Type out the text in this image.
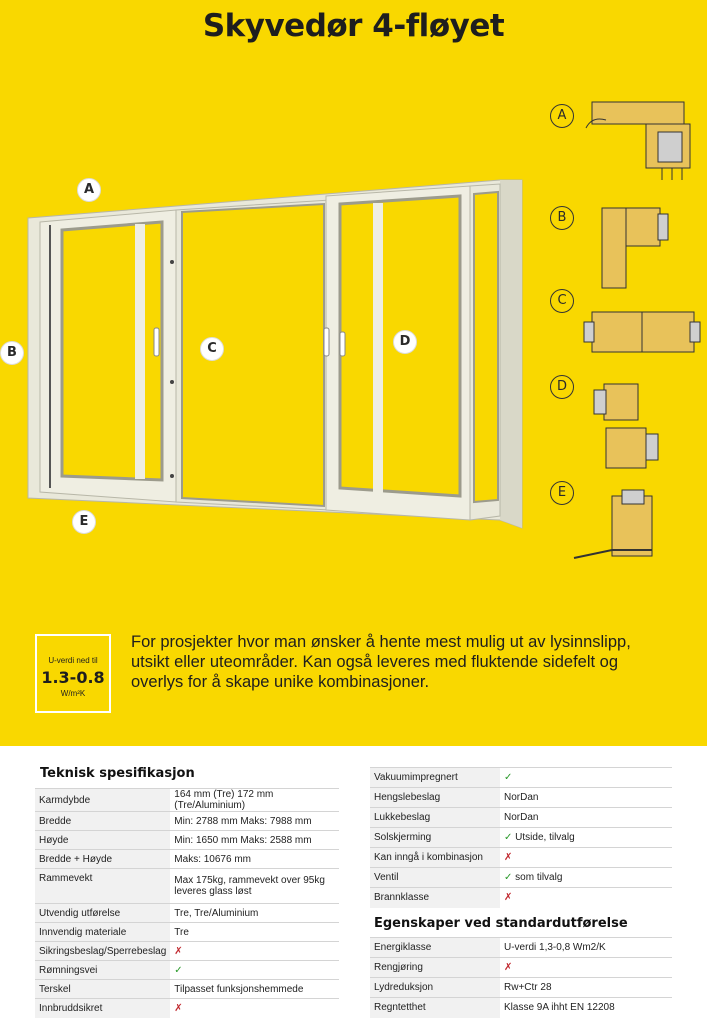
Skyvedør 4-fløyet
A
B	C	D
E
A
B
C
D
E
U-verdi ned til
1.3-0.8
W/m²K
For prosjekter hvor man ønsker å hente mest mulig ut av lysinnslipp, utsikt eller uteområder. Kan også leveres med fluktende sidefelt og overlys for å skape unike kombinasjoner.
Teknisk spesifikasjon
Karmdybde	164 mm (Tre) 172 mm (Tre/Aluminium)
Bredde	Min: 2788 mm Maks: 7988 mm
Høyde	Min: 1650 mm Maks: 2588 mm
Bredde + Høyde	Maks: 10676 mm
Rammevekt	Max 175kg, rammevekt over 95kg leveres glass løst
Utvendig utførelse	Tre, Tre/Aluminium
Innvendig materiale	Tre
Sikringsbeslag/Sperrebeslag	✗
Rømningsvei	✓
Terskel	Tilpasset funksjonshemmede
Innbruddsikret	✗
Vakuumimpregnert	✓
Hengslebeslag	NorDan
Lukkebeslag	NorDan
Solskjerming	✓ Utside, tilvalg
Kan inngå i kombinasjon	✗
Ventil	✓ som tilvalg
Brannklasse	✗
Egenskaper ved standardutførelse
Energiklasse	U-verdi 1,3-0,8 Wm2/K
Rengjøring	✗
Lydreduksjon	Rw+Ctr 28
Regntetthet	Klasse 9A ihht EN 12208
